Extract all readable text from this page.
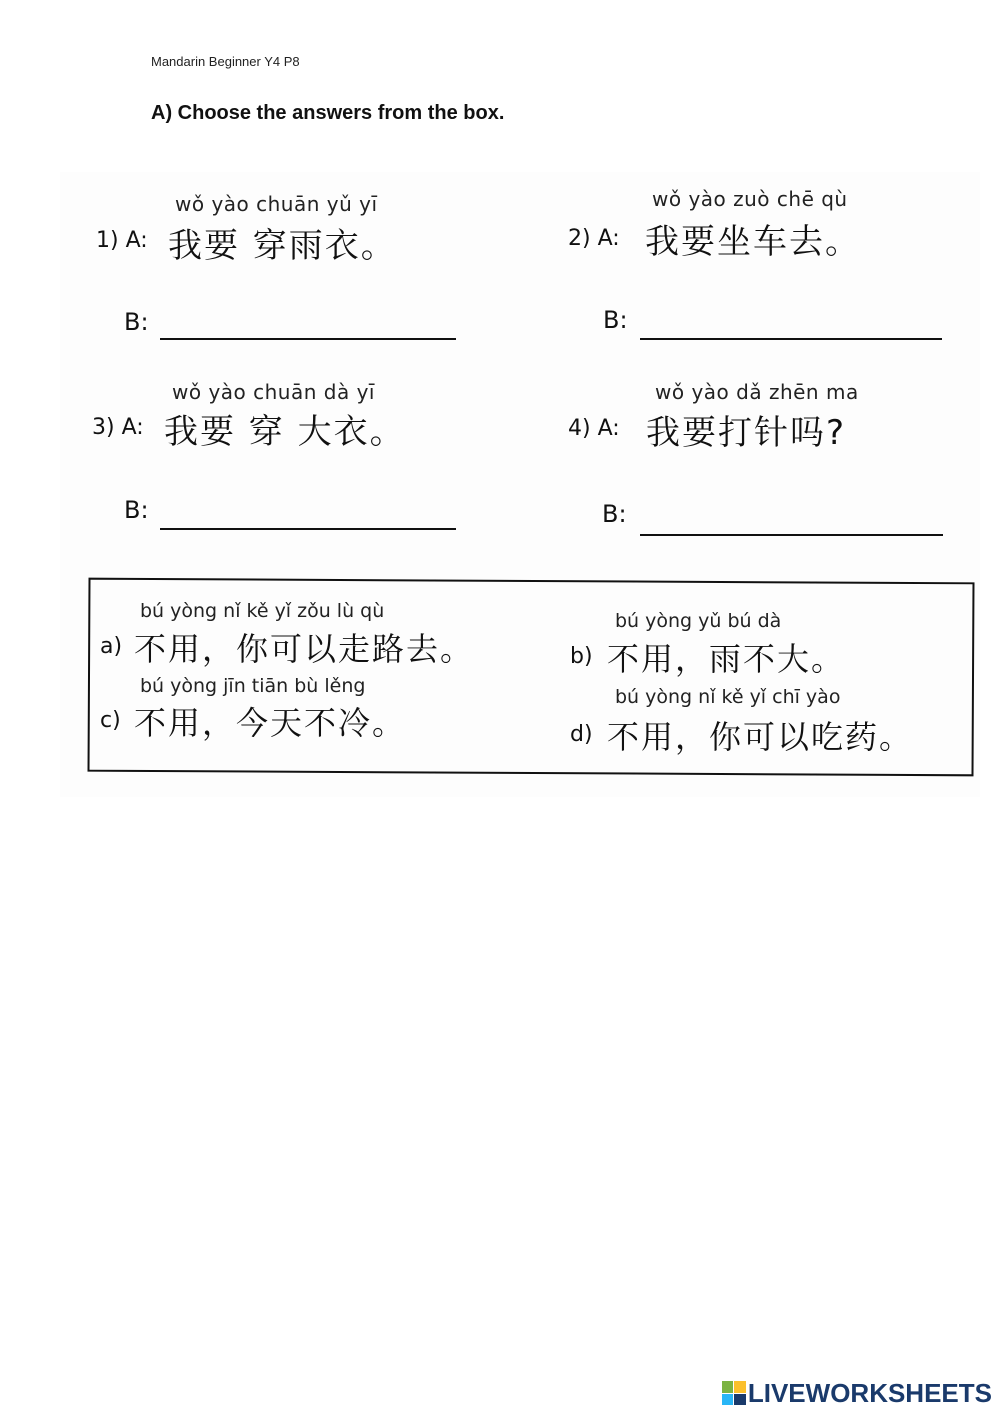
Mandarin Beginner Y4 P8
A) Choose the answers from the box.
wǒ yào chuān yǔ yī
1) A: 我要 穿雨衣。
B:
wǒ yào zuò chē qù
2) A: 我要坐车去。
B:
wǒ yào chuān dà yī
3) A: 我要 穿 大衣。
B:
wǒ yào dǎ zhēn ma
4) A: 我要打针吗?
B:
bú yòng nǐ kě yǐ zǒu lù qù
a) 不用，你可以走路去。
bú yòng yǔ bú dà
b) 不用，雨不大。
bú yòng jīn tiān bù lěng
c) 不用，今天不冷。
bú yòng nǐ kě yǐ chī yào
d) 不用，你可以吃药。
LIVEWORKSHEETS
